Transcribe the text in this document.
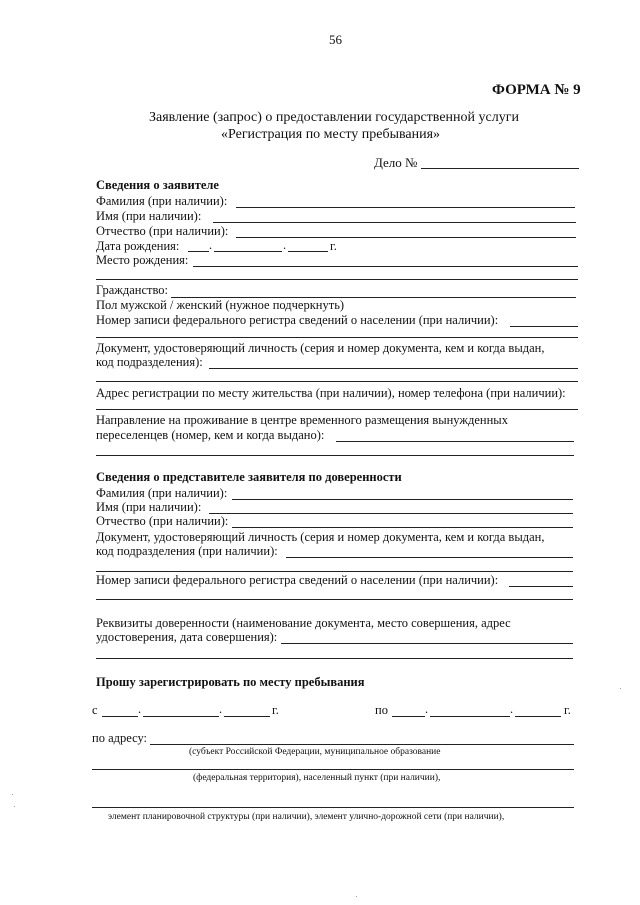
56
ФОРМА № 9
Заявление (запрос) о предоставлении государственной услуги
«Регистрация по месту пребывания»
Дело №
Сведения о заявителе
Фамилия (при наличии):
Имя (при наличии):
Отчество (при наличии):
Дата рождения: .	.	г.
Место рождения:
Гражданство:
Пол мужской / женский (нужное подчеркнуть)
Номер записи федерального регистра сведений о населении (при наличии):
Документ, удостоверяющий личность (серия и номер документа, кем и когда выдан,
код подразделения):
Адрес регистрации по месту жительства (при наличии), номер телефона (при наличии):
Направление на проживание в центре временного размещения вынужденных
переселенцев (номер, кем и когда выдано):
Сведения о представителе заявителя по доверенности
Фамилия (при наличии):
Имя (при наличии):
Отчество (при наличии):
Документ, удостоверяющий личность (серия и номер документа, кем и когда выдан,
код подразделения (при наличии):
Номер записи федерального регистра сведений о населении (при наличии):
Реквизиты доверенности (наименование документа, место совершения, адрес
удостоверения, дата совершения):
Прошу зарегистрировать по месту пребывания
с	.	.	г.	по	.	.	г.
по адресу:
(субъект Российской Федерации, муниципальное образование
(федеральная территория), населенный пункт (при наличии),
элемент планировочной структуры (при наличии), элемент улично-дорожной сети (при наличии),
